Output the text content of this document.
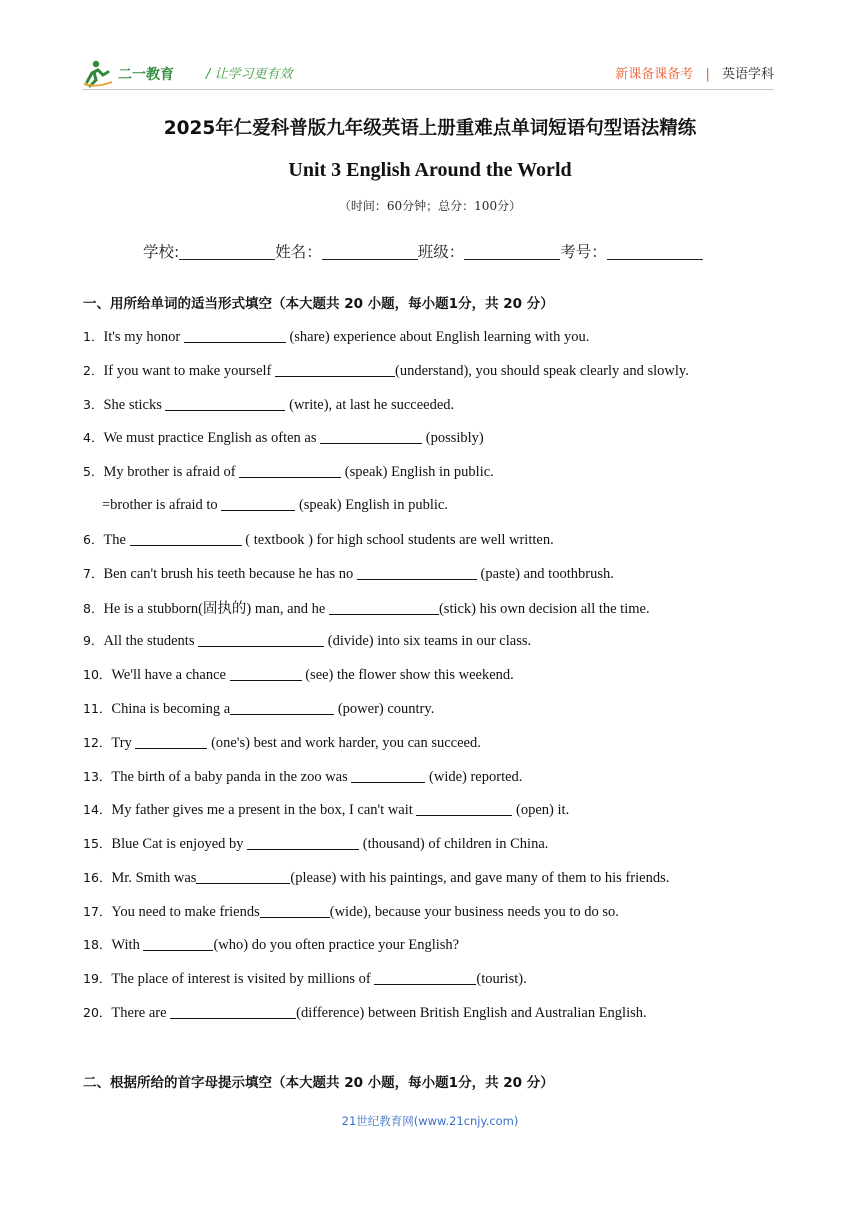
二一教育 / 让学习更有效	新课备课备考 | 英语学科
2025年仁爱科普版九年级英语上册重难点单词短语句型语法精练
Unit 3 English Around the World
（时间：60分钟；总分：100分）
学校:	姓名：	班级：	考号：
一、用所给单词的适当形式填空（本大题共 20 小题，每小题1分，共 20 分）
1．It's my honor	(share) experience about English learning with you.
2．If you want to make yourself	(understand), you should speak clearly and slowly.
3．She sticks	(write), at last he succeeded.
4．We must practice English as often as	(possibly)
5．My brother is afraid of	(speak) English in public.
=brother is afraid to	(speak) English in public.
6．The	( textbook ) for high school students are well written.
7．Ben can't brush his teeth because he has no	(paste) and toothbrush.
8．He is a stubborn(固执的) man, and he	(stick) his own decision all the time.
9．All the students	(divide) into six teams in our class.
10．We'll have a chance	(see) the flower show this weekend.
11．China is becoming a	(power) country.
12．Try	(one's) best and work harder, you can succeed.
13．The birth of a baby panda in the zoo was	(wide) reported.
14．My father gives me a present in the box, I can't wait	(open) it.
15．Blue Cat is enjoyed by	(thousand) of children in China.
16．Mr. Smith was	(please) with his paintings, and gave many of them to his friends.
17．You need to make friends	(wide), because your business needs you to do so.
18．With	(who) do you often practice your English?
19．The place of interest is visited by millions of	(tourist).
20．There are	(difference) between British English and Australian English.
二、根据所给的首字母提示填空（本大题共 20 小题，每小题1分，共 20 分）
21世纪教育网(www.21cnjy.com)
